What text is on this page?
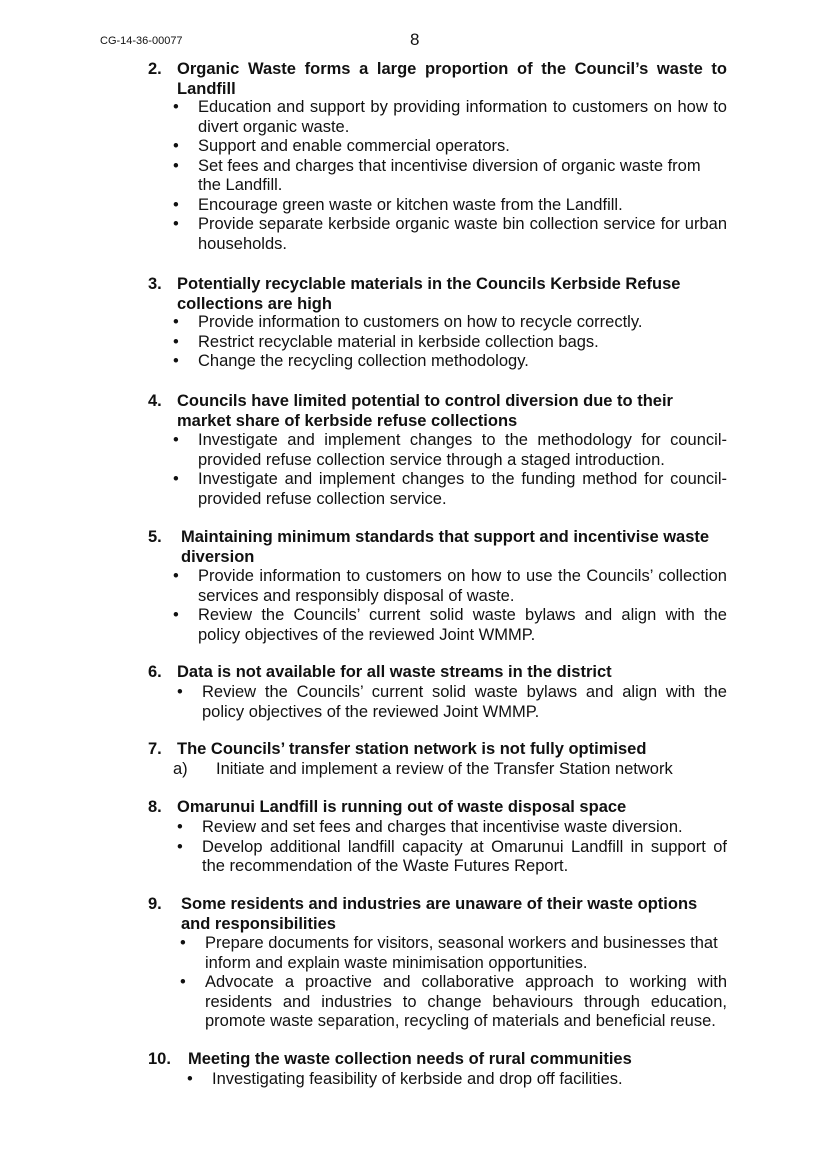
CG-14-36-00077	8
2. Organic Waste forms a large proportion of the Council’s waste to Landfill
• Education and support by providing information to customers on how to divert organic waste.
• Support and enable commercial operators.
• Set fees and charges that incentivise diversion of organic waste from the Landfill.
• Encourage green waste or kitchen waste from the Landfill.
• Provide separate kerbside organic waste bin collection service for urban households.
3. Potentially recyclable materials in the Councils Kerbside Refuse collections are high
• Provide information to customers on how to recycle correctly.
• Restrict recyclable material in kerbside collection bags.
• Change the recycling collection methodology.
4. Councils have limited potential to control diversion due to their market share of kerbside refuse collections
• Investigate and implement changes to the methodology for council-provided refuse collection service through a staged introduction.
• Investigate and implement changes to the funding method for council-provided refuse collection service.
5.	Maintaining minimum standards that support and incentivise waste diversion
• Provide information to customers on how to use the Councils’ collection services and responsibly disposal of waste.
• Review the Councils’ current solid waste bylaws and align with the policy objectives of the reviewed Joint WMMP.
6. Data is not available for all waste streams in the district
• Review the Councils’ current solid waste bylaws and align with the policy objectives of the reviewed Joint WMMP.
7. The Councils’ transfer station network is not fully optimised
a) Initiate and implement a review of the Transfer Station network
8. Omarunui Landfill is running out of waste disposal space
• Review and set fees and charges that incentivise waste diversion.
• Develop additional landfill capacity at Omarunui Landfill in support of the recommendation of the Waste Futures Report.
9.	Some residents and industries are unaware of their waste options and responsibilities
• Prepare documents for visitors, seasonal workers and businesses that inform and explain waste minimisation opportunities.
• Advocate a proactive and collaborative approach to working with residents and industries to change behaviours through education, promote waste separation, recycling of materials and beneficial reuse.
10.	Meeting the waste collection needs of rural communities
• Investigating feasibility of kerbside and drop off facilities.
